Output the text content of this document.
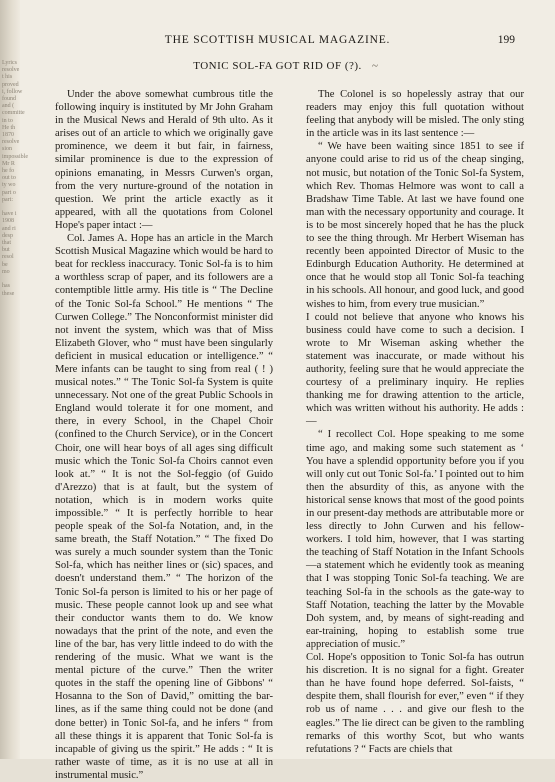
Lyrics
resolve
t his
proved
i, follow
found
and (
committe
in to
He th
1870
resolve
sion
impossible
Mr R
he fo
out to
ty wo
part o
part:

have i
1908
and ri
desp
that
but
resol
be
mo

has
these
THE SCOTTISH MUSICAL MAGAZINE.	199
TONIC SOL-FA GOT RID OF (?). ~

Under the above somewhat cumbrous title the following inquiry is instituted by Mr John Graham in the Musical News and Herald of 9th ulto. As it arises out of an article to which we originally gave prominence, we deem it but fair, in fairness, similar prominence is due to the expression of opinions emanating, in Messrs Curwen's organ, from the very nurture-ground of the notation in question. We print the article exactly as it appeared, with all the quotations from Colonel Hope's paper intact :—

Col. James A. Hope has an article in the March Scottish Musical Magazine which would be hard to beat for reckless inaccuracy. Tonic Sol-fa is to him a worthless scrap of paper, and its followers are a contemptible little army. His title is “ The Decline of the Tonic Sol-fa School.” He mentions “ The Curwen College.” The Nonconformist minister did not invent the system, which was that of Miss Elizabeth Glover, who “ must have been singularly deficient in musical education or intelligence.” “ Mere infants can be taught to sing from real ( ! ) musical notes.” “ The Tonic Sol-fa System is quite unnecessary. Not one of the great Public Schools in England would tolerate it for one moment, and there, in every School, in the Chapel Choir (confined to the Church Service), or in the Concert Choir, one will hear boys of all ages sing difficult music which the Tonic Sol-fa Choirs cannot even look at.” “ It is not the Sol-feggio (of Guido d'Arezzo) that is at fault, but the system of notation, which is in modern works quite impossible.” “ It is perfectly horrible to hear people speak of the Sol-fa Notation, and, in the same breath, the Staff Notation.” “ The fixed Do was surely a much sounder system than the Tonic Sol-fa, which has neither lines or (sic) spaces, and doesn't understand them.” “ The horizon of the Tonic Sol-fa person is limited to his or her page of music. These people cannot look up and see what their conductor wants them to do. We know nowadays that the print of the note, and even the line of the bar, has very little indeed to do with the rendering of the music. What we want is the mental picture of the curve.” Then the writer quotes in the staff the opening line of Gibbons' “ Hosanna to the Son of David,” omitting the bar-lines, as if the same thing could not be done (and done better) in Tonic Sol-fa, and he infers “ from all these things it is apparent that Tonic Sol-fa is incapable of giving us the spirit.” He adds : “ It is rather waste of time, as it is no use at all in instrumental music.”

The Colonel is so hopelessly astray that our readers may enjoy this full quotation without feeling that anybody will be misled. The only sting in the article was in its last sentence :—

“ We have been waiting since 1851 to see if anyone could arise to rid us of the cheap singing, not music, but notation of the Tonic Sol-fa System, which Rev. Thomas Helmore was wont to call a Bradshaw Time Table. At last we have found one man with the necessary opportunity and courage. It is to be most sincerely hoped that he has the pluck to see the thing through. Mr Herbert Wiseman has recently been appointed Director of Music to the Edinburgh Education Authority. He determined at once that he would stop all Tonic Sol-fa teaching in his schools. All honour, and good luck, and good wishes to him, from every true musician.”

I could not believe that anyone who knows his business could have come to such a decision. I wrote to Mr Wiseman asking whether the statement was inaccurate, or made without his authority, feeling sure that he would appreciate the courtesy of a preliminary inquiry. He replies thanking me for drawing attention to the article, which was written without his authority. He adds :—

“ I recollect Col. Hope speaking to me some time ago, and making some such statement as ‘ You have a splendid opportunity before you if you will only cut out Tonic Sol-fa.’ I pointed out to him then the absurdity of this, as anyone with the historical sense knows that most of the good points in our present-day methods are attributable more or less directly to John Curwen and his fellow-workers. I told him, however, that I was starting the teaching of Staff Notation in the Infant Schools—a statement which he evidently took as meaning that I was stopping Tonic Sol-fa teaching. We are teaching Sol-fa in the schools as the gate-way to Staff Notation, teaching the latter by the Movable Doh system, and, by means of sight-reading and ear-training, hoping to establish some true appreciation of music.”

Col. Hope's opposition to Tonic Sol-fa has outrun his discretion. It is no signal for a fight. Greater than he have found hope deferred. Sol-faists, “ despite them, shall flourish for ever,” even “ if they rob us of name . . . and give our flesh to the eagles.” The lie direct can be given to the rambling remarks of this worthy Scot, but who wants refutations ? “ Facts are chiels that
